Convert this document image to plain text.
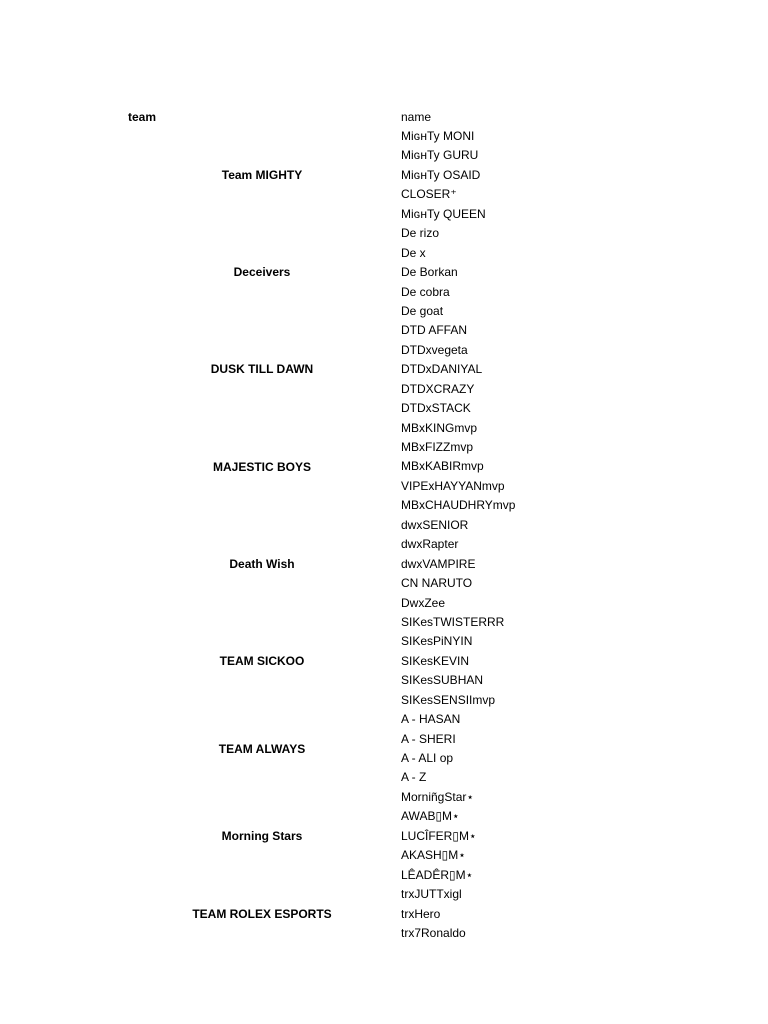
team	name
Team MIGHTY
Deceivers
DUSK TILL DAWN
MAJESTIC BOYS
Death Wish
TEAM SICKOO
TEAM ALWAYS
Morning Stars
TEAM ROLEX ESPORTS
MiɢʜTy MONI
MiɢʜTy GURU
MiɢʜTy OSAID
CLOSER⁺
MiɢʜTy QUEEN
De rizo
De x
De Borkan
De cobra
De goat
DTD AFFAN
DTDxvegeta
DTDxDANIYAL
DTDXCRAZY
DTDxSTACK
MBxKINGmvp
MBxFIZZmvp
MBxKABIRmvp
VIPExHAYYANmvp
MBxCHAUDHRYmvp
dwxSENIOR
dwxRapter
dwxVAMPIRE
CN NARUTO
DwxZee
SIKesTWISTERRR
SIKesPiNYIN
SIKesKEVIN
SIKesSUBHAN
SIKesSENSIImvp
A - HASAN
A - SHERI
A - ALI op
A - Z
MorniñgStar⋆
AWAB▯M⋆
LUCÎFER▯M⋆
AKASH▯M⋆
LÊADÊR▯M⋆
trxJUTTxigl
trxHero
trx7Ronaldo
